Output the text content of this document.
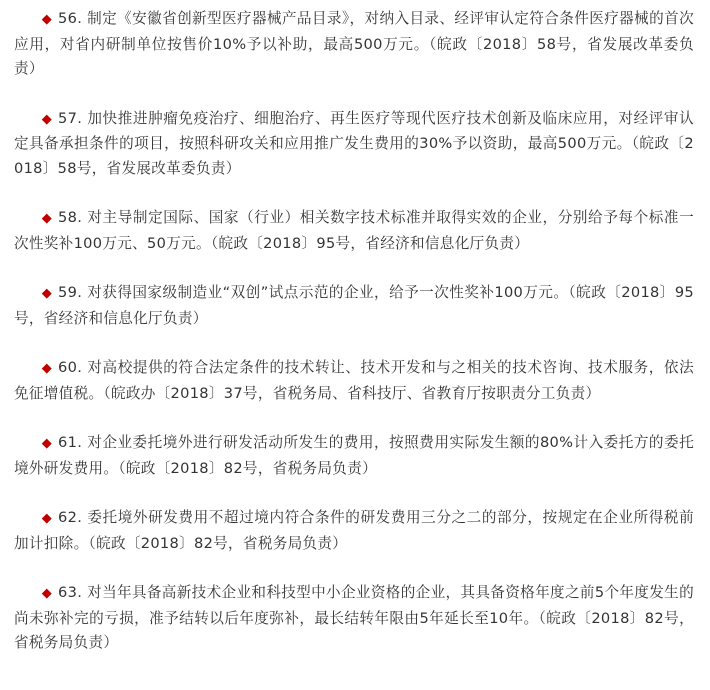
◆ 56. 制定《安徽省创新型医疗器械产品目录》，对纳入目录、经评审认定符合条件医疗器械的首次应用，对省内研制单位按售价10%予以补助，最高500万元。（皖政〔2018〕58号，省发展改革委负责）

◆ 57. 加快推进肿瘤免疫治疗、细胞治疗、再生医疗等现代医疗技术创新及临床应用，对经评审认定具备承担条件的项目，按照科研攻关和应用推广发生费用的30%予以资助，最高500万元。（皖政〔2018〕58号，省发展改革委负责）

◆ 58. 对主导制定国际、国家（行业）相关数字技术标准并取得实效的企业，分别给予每个标准一次性奖补100万元、50万元。（皖政〔2018〕95号，省经济和信息化厅负责）

◆ 59. 对获得国家级制造业“双创”试点示范的企业，给予一次性奖补100万元。（皖政〔2018〕95号，省经济和信息化厅负责）

◆ 60. 对高校提供的符合法定条件的技术转让、技术开发和与之相关的技术咨询、技术服务，依法免征增值税。（皖政办〔2018〕37号，省税务局、省科技厅、省教育厅按职责分工负责）

◆ 61. 对企业委托境外进行研发活动所发生的费用，按照费用实际发生额的80%计入委托方的委托境外研发费用。（皖政〔2018〕82号，省税务局负责）

◆ 62. 委托境外研发费用不超过境内符合条件的研发费用三分之二的部分，按规定在企业所得税前加计扣除。（皖政〔2018〕82号，省税务局负责）

◆ 63. 对当年具备高新技术企业和科技型中小企业资格的企业，其具备资格年度之前5个年度发生的尚未弥补完的亏损，准予结转以后年度弥补，最长结转年限由5年延长至10年。（皖政〔2018〕82号，省税务局负责）
